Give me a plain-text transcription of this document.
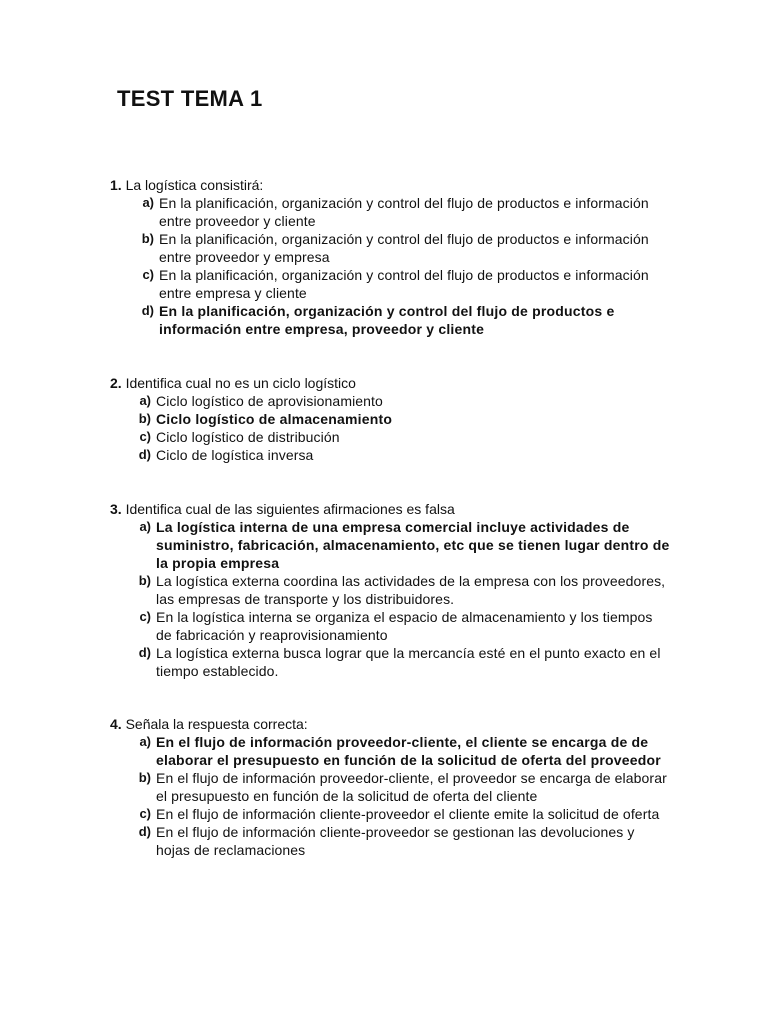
TEST TEMA 1

1. La logística consistirá:

a) En la planificación, organización y control del flujo de productos e información entre proveedor y cliente
b) En la planificación, organización y control del flujo de productos e información entre proveedor y empresa
c) En la planificación, organización y control del flujo de productos e información entre empresa y cliente
d) En la planificación, organización y control del flujo de productos e información entre empresa, proveedor y cliente

2. Identifica cual no es un ciclo logístico

a) Ciclo logístico de aprovisionamiento
b) Ciclo logístico de almacenamiento
c) Ciclo logístico de distribución
d) Ciclo de logística inversa

3. Identifica cual de las siguientes afirmaciones es falsa

a) La logística interna de una empresa comercial incluye actividades de suministro, fabricación, almacenamiento, etc que se tienen lugar dentro de la propia empresa
b) La logística externa coordina las actividades de la empresa con los proveedores, las empresas de transporte y los distribuidores.
c) En la logística interna se organiza el espacio de almacenamiento y los tiempos de fabricación y reaprovisionamiento
d) La logística externa busca lograr que la mercancía esté en el punto exacto en el tiempo establecido.

4. Señala la respuesta correcta:

a) En el flujo de información proveedor-cliente, el cliente se encarga de de elaborar el presupuesto en función de la solicitud de oferta del proveedor
b) En el flujo de información proveedor-cliente, el proveedor se encarga de elaborar el presupuesto en función de la solicitud de oferta del cliente
c) En el flujo de información cliente-proveedor el cliente emite la solicitud de oferta
d) En el flujo de información cliente-proveedor se gestionan las devoluciones y hojas de reclamaciones
